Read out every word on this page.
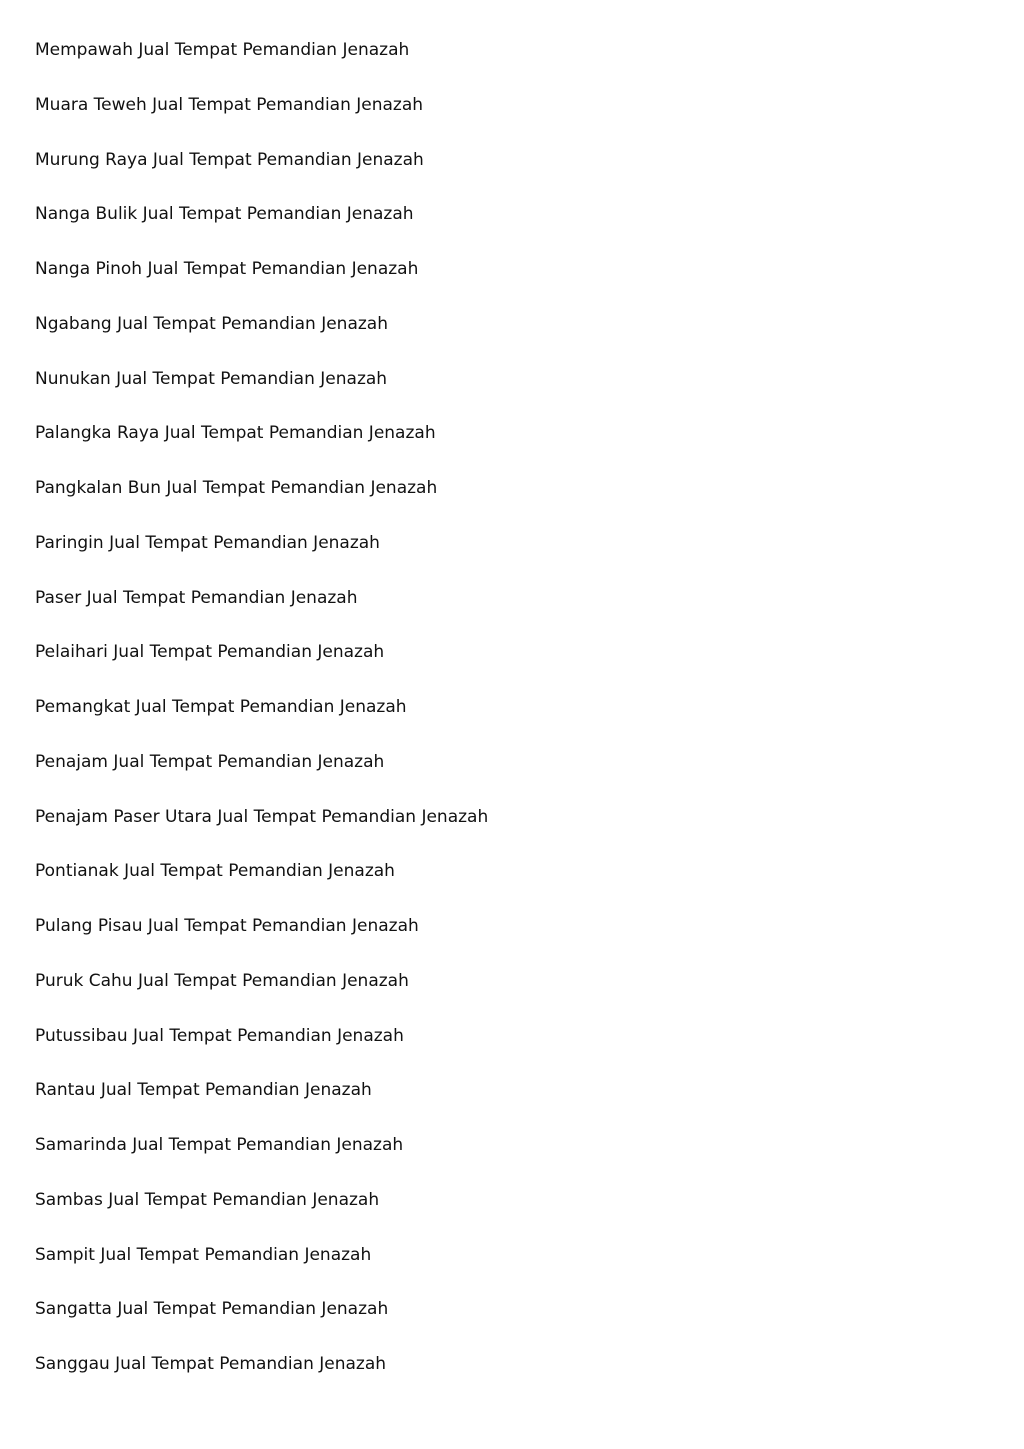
Mempawah Jual Tempat Pemandian Jenazah
Muara Teweh Jual Tempat Pemandian Jenazah
Murung Raya Jual Tempat Pemandian Jenazah
Nanga Bulik Jual Tempat Pemandian Jenazah
Nanga Pinoh Jual Tempat Pemandian Jenazah
Ngabang Jual Tempat Pemandian Jenazah
Nunukan Jual Tempat Pemandian Jenazah
Palangka Raya Jual Tempat Pemandian Jenazah
Pangkalan Bun Jual Tempat Pemandian Jenazah
Paringin Jual Tempat Pemandian Jenazah
Paser Jual Tempat Pemandian Jenazah
Pelaihari Jual Tempat Pemandian Jenazah
Pemangkat Jual Tempat Pemandian Jenazah
Penajam Jual Tempat Pemandian Jenazah
Penajam Paser Utara Jual Tempat Pemandian Jenazah
Pontianak Jual Tempat Pemandian Jenazah
Pulang Pisau Jual Tempat Pemandian Jenazah
Puruk Cahu Jual Tempat Pemandian Jenazah
Putussibau Jual Tempat Pemandian Jenazah
Rantau Jual Tempat Pemandian Jenazah
Samarinda Jual Tempat Pemandian Jenazah
Sambas Jual Tempat Pemandian Jenazah
Sampit Jual Tempat Pemandian Jenazah
Sangatta Jual Tempat Pemandian Jenazah
Sanggau Jual Tempat Pemandian Jenazah
